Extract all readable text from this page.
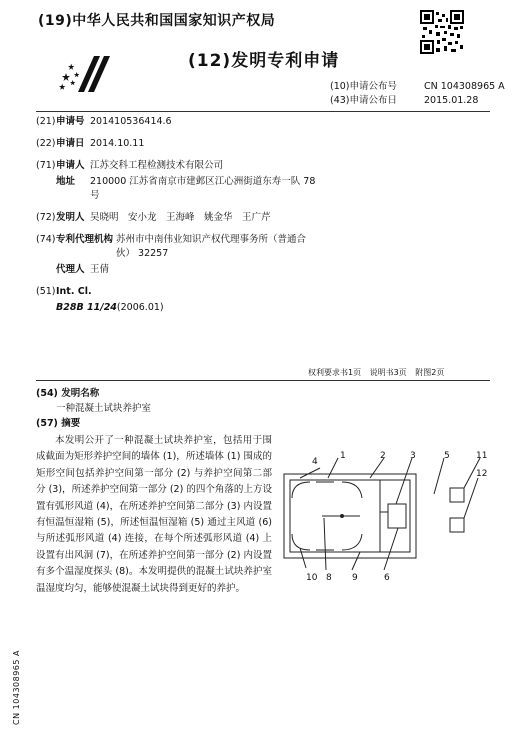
(19)中华人民共和国国家知识产权局
(12)发明专利申请
(10)申请公布号	CN 104308965 A
(43)申请公布日	2015.01.28
(21) 申请号 201410536414.6
(22) 申请日 2014.10.11
(71) 申请人 江苏交科工程检测技术有限公司
地址	210000 江苏省南京市建邺区江心洲街道东寿一队 78 号
(72) 发明人 吴晓明　安小龙　王海峰　姚金华　王广芹
(74) 专利代理机构 苏州市中南伟业知识产权代理事务所（普通合伙） 32257
代理人 王倩
(51) Int. Cl.
B28B 11/24 (2006.01)
权利要求书1页 说明书3页 附图2页
(54) 发明名称
一种混凝土试块养护室
(57) 摘要
本发明公开了一种混凝土试块养护室，包括用于围成截面为矩形养护空间的墙体 (1)，所述墙体 (1) 围成的矩形空间包括养护空间第一部分 (2) 与养护空间第二部分 (3)，所述养护空间第一部分 (2) 的四个角落的上方设置有弧形风道 (4)，在所述养护空间第二部分 (3) 内设置有恒温恒湿箱 (5)，所述恒温恒湿箱 (5) 通过主风道 (6) 与所述弧形风道 (4) 连接，在每个所述弧形风道 (4) 上设置有出风洞 (7)，在所述养护空间第一部分 (2) 内设置有多个温湿度探头 (8)。本发明提供的混凝土试块养护室温湿度均匀，能够使混凝土试块得到更好的养护。
4
1	2	3	5	11
12
10 8 9	6
CN 104308965 A
